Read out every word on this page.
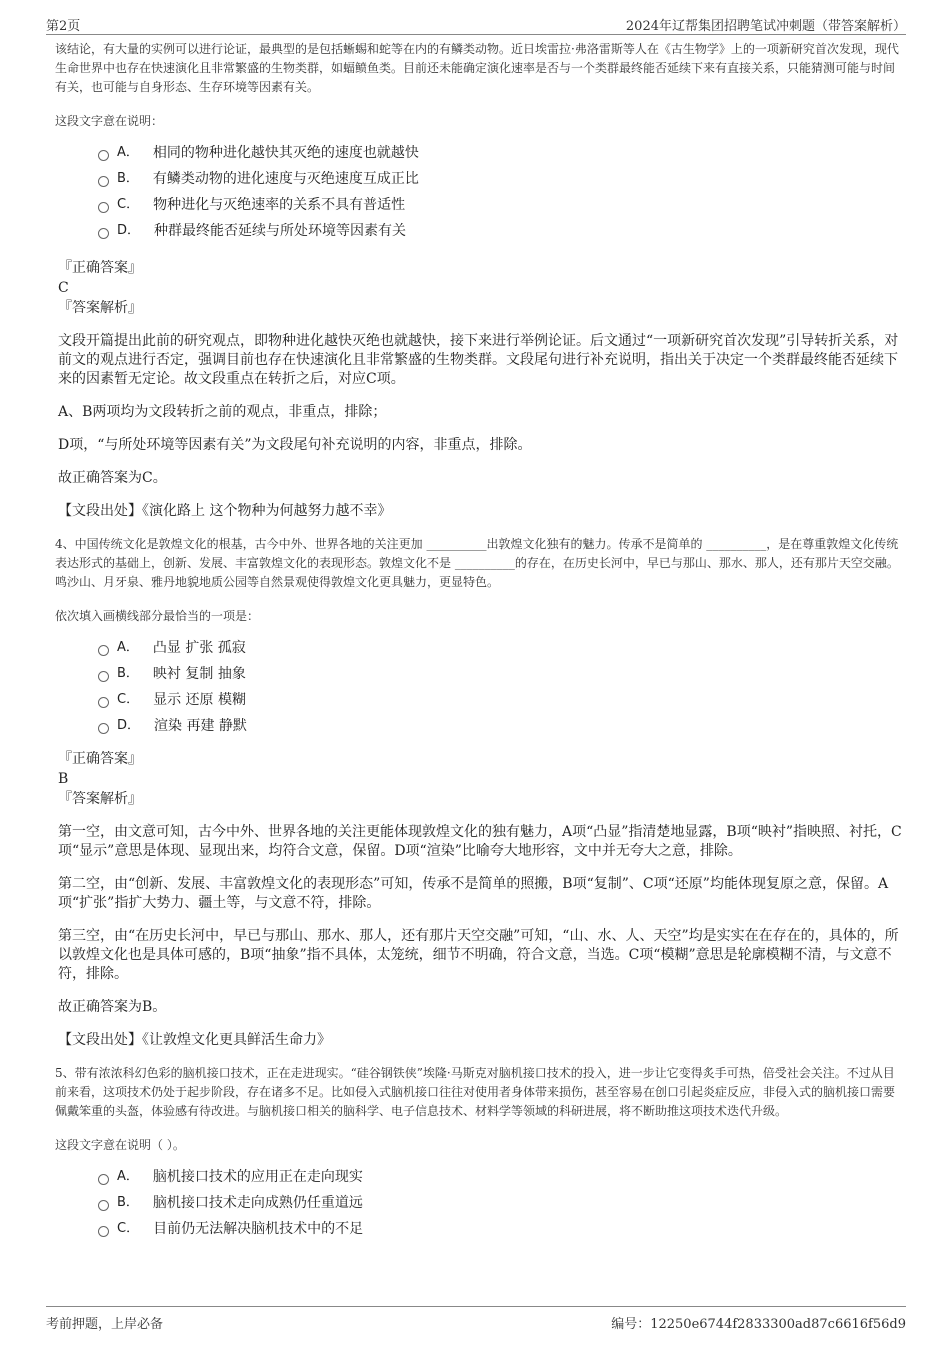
第2页	2024年辽帮集团招聘笔试冲刺题（带答案解析）

该结论，有大量的实例可以进行论证，最典型的是包括蜥蜴和蛇等在内的有鳞类动物。近日埃雷拉·弗洛雷斯等人在《古生物学》上的一项新研究首次发现，现代生命世界中也存在快速演化且非常繁盛的生物类群，如蝠鲼鱼类。目前还未能确定演化速率是否与一个类群最终能否延续下来有直接关系，只能猜测可能与时间有关，也可能与自身形态、生存环境等因素有关。

这段文字意在说明：

A． 相同的物种进化越快其灭绝的速度也就越快
B． 有鳞类动物的进化速度与灭绝速度互成正比
C． 物种进化与灭绝速率的关系不具有普适性
D． 种群最终能否延续与所处环境等因素有关

『正确答案』

C

『答案解析』

文段开篇提出此前的研究观点，即物种进化越快灭绝也就越快，接下来进行举例论证。后文通过“一项新研究首次发现”引导转折关系，对前文的观点进行否定，强调目前也存在快速演化且非常繁盛的生物类群。文段尾句进行补充说明，指出关于决定一个类群最终能否延续下来的因素暂无定论。故文段重点在转折之后，对应C项。

A、B两项均为文段转折之前的观点，非重点，排除；

D项，“与所处环境等因素有关”为文段尾句补充说明的内容，非重点，排除。

故正确答案为C。

【文段出处】《演化路上 这个物种为何越努力越不幸》

4、中国传统文化是敦煌文化的根基，古今中外、世界各地的关注更加 __________出敦煌文化独有的魅力。传承不是简单的 __________，是在尊重敦煌文化传统表达形式的基础上，创新、发展、丰富敦煌文化的表现形态。敦煌文化不是 __________的存在，在历史长河中，早已与那山、那水、那人，还有那片天空交融。鸣沙山、月牙泉、雅丹地貌地质公园等自然景观使得敦煌文化更具魅力，更显特色。

依次填入画横线部分最恰当的一项是：

A． 凸显 扩张 孤寂
B． 映衬 复制 抽象
C． 显示 还原 模糊
D． 渲染 再建 静默

『正确答案』

B

『答案解析』

第一空，由文意可知，古今中外、世界各地的关注更能体现敦煌文化的独有魅力，A项“凸显”指清楚地显露，B项“映衬”指映照、衬托，C项“显示”意思是体现、显现出来，均符合文意，保留。D项“渲染”比喻夸大地形容，文中并无夸大之意，排除。

第二空，由“创新、发展、丰富敦煌文化的表现形态”可知，传承不是简单的照搬，B项“复制”、C项“还原”均能体现复原之意，保留。A项“扩张”指扩大势力、疆土等，与文意不符，排除。

第三空，由“在历史长河中，早已与那山、那水、那人，还有那片天空交融”可知，“山、水、人、天空”均是实实在在存在的，具体的，所以敦煌文化也是具体可感的，B项“抽象”指不具体，太笼统，细节不明确，符合文意，当选。C项“模糊”意思是轮廓模糊不清，与文意不符，排除。

故正确答案为B。

【文段出处】《让敦煌文化更具鲜活生命力》

5、带有浓浓科幻色彩的脑机接口技术，正在走进现实。“硅谷钢铁侠”埃隆·马斯克对脑机接口技术的投入，进一步让它变得炙手可热，倍受社会关注。不过从目前来看，这项技术仍处于起步阶段，存在诸多不足。比如侵入式脑机接口往往对使用者身体带来损伤，甚至容易在创口引起炎症反应，非侵入式的脑机接口需要佩戴笨重的头盔，体验感有待改进。与脑机接口相关的脑科学、电子信息技术、材料学等领域的科研进展，将不断助推这项技术迭代升级。

这段文字意在说明（ ）。

A． 脑机接口技术的应用正在走向现实
B． 脑机接口技术走向成熟仍任重道远
C． 目前仍无法解决脑机技术中的不足
考前押题，上岸必备	编号：12250e6744f2833300ad87c6616f56d9
